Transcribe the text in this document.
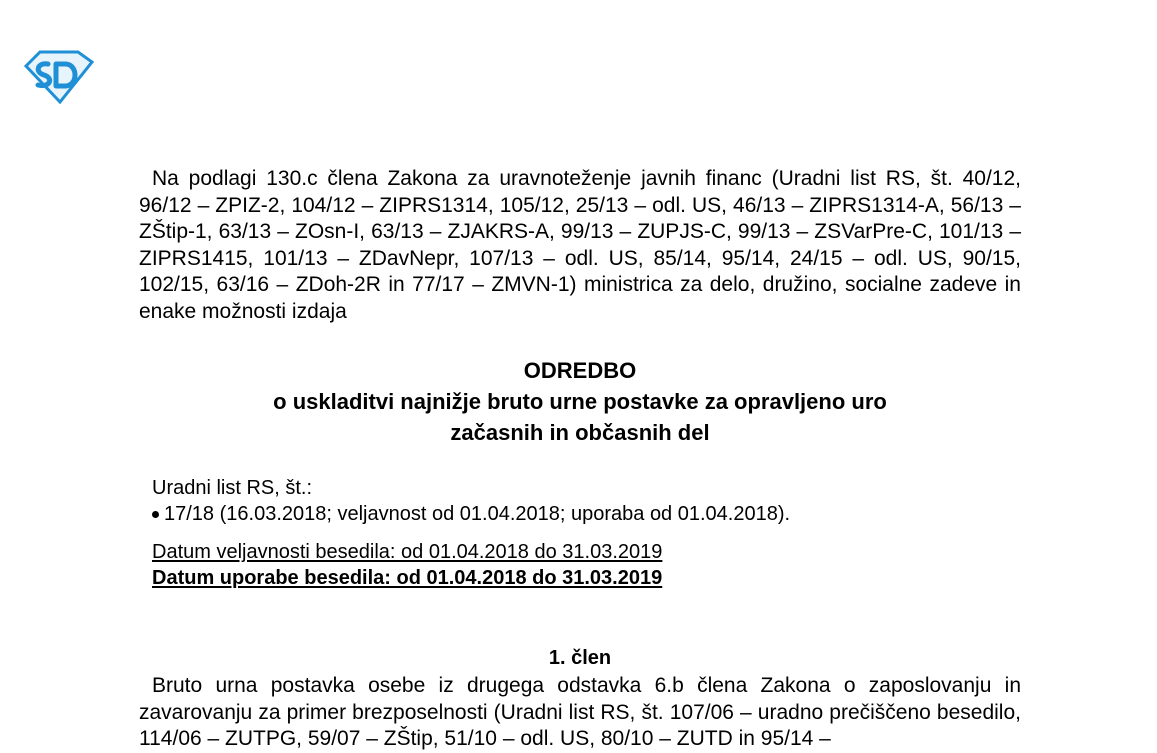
Na podlagi 130.c člena Zakona za uravnoteženje javnih financ (Uradni list RS, št. 40/12, 96/12 – ZPIZ-2, 104/12 – ZIPRS1314, 105/12, 25/13 – odl. US, 46/13 – ZIPRS1314-A, 56/13 – ZŠtip-1, 63/13 – ZOsn-I, 63/13 – ZJAKRS-A, 99/13 – ZUPJS-C, 99/13 – ZSVarPre-C, 101/13 – ZIPRS1415, 101/13 – ZDavNepr, 107/13 – odl. US, 85/14, 95/14, 24/15 – odl. US, 90/15, 102/15, 63/16 – ZDoh-2R in 77/17 – ZMVN-1) ministrica za delo, družino, socialne zadeve in enake možnosti izdaja
ODREDBO
o uskladitvi najnižje bruto urne postavke za opravljeno uro
začasnih in občasnih del
Uradni list RS, št.:
17/18 (16.03.2018; veljavnost od 01.04.2018; uporaba od 01.04.2018).
Datum veljavnosti besedila: od 01.04.2018 do 31.03.2019
Datum uporabe besedila: od 01.04.2018 do 31.03.2019
1. člen
Bruto urna postavka osebe iz drugega odstavka 6.b člena Zakona o zaposlovanju in zavarovanju za primer brezposelnosti (Uradni list RS, št. 107/06 – uradno prečiščeno besedilo, 114/06 – ZUTPG, 59/07 – ZŠtip, 51/10 – odl. US, 80/10 – ZUTD in 95/14 –
